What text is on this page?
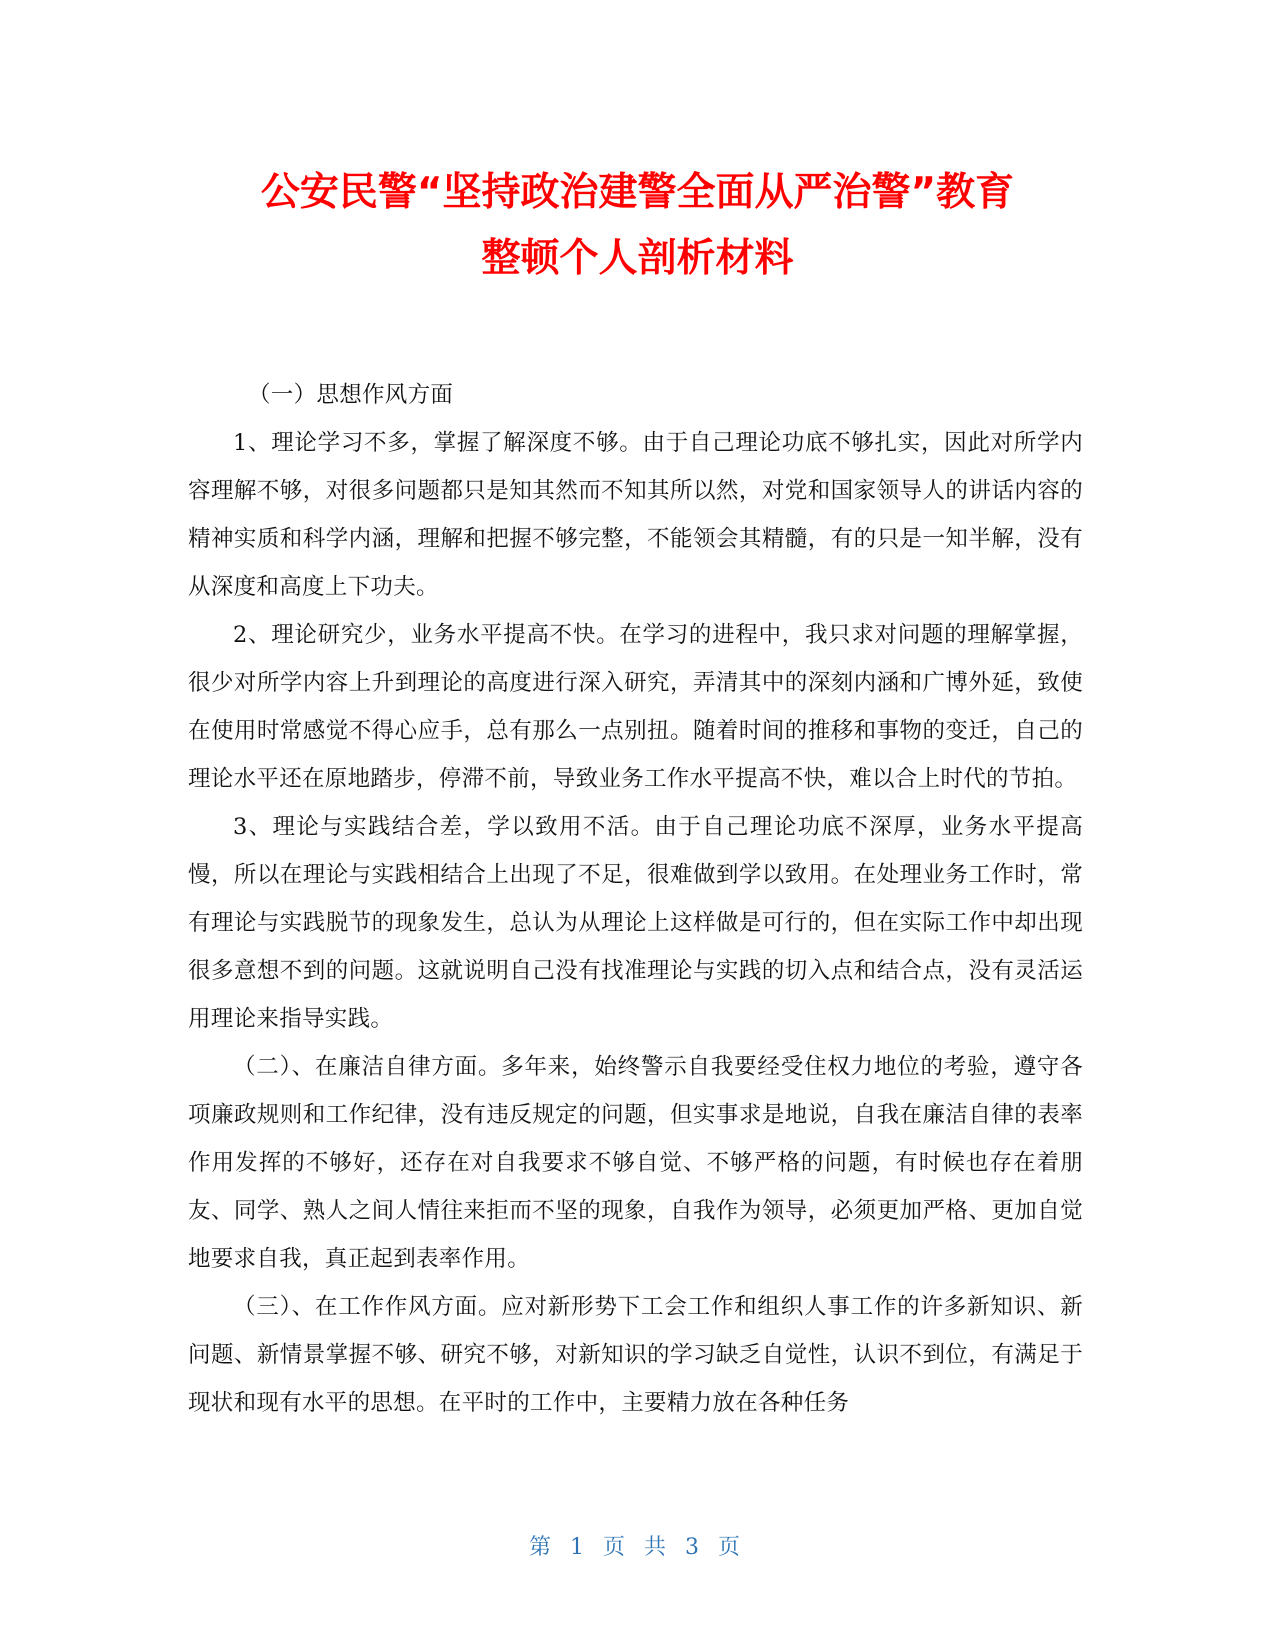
公安民警“坚持政治建警全面从严治警”教育
整顿个人剖析材料

（一）思想作风方面

1、理论学习不多，掌握了解深度不够。由于自己理论功底不够扎实，因此对所学内容理解不够，对很多问题都只是知其然而不知其所以然，对党和国家领导人的讲话内容的精神实质和科学内涵，理解和把握不够完整，不能领会其精髓，有的只是一知半解，没有从深度和高度上下功夫。

2、理论研究少，业务水平提高不快。在学习的进程中，我只求对问题的理解掌握，很少对所学内容上升到理论的高度进行深入研究，弄清其中的深刻内涵和广博外延，致使在使用时常感觉不得心应手，总有那么一点别扭。随着时间的推移和事物的变迁，自己的理论水平还在原地踏步，停滞不前，导致业务工作水平提高不快，难以合上时代的节拍。

3、理论与实践结合差，学以致用不活。由于自己理论功底不深厚，业务水平提高慢，所以在理论与实践相结合上出现了不足，很难做到学以致用。在处理业务工作时，常有理论与实践脱节的现象发生，总认为从理论上这样做是可行的，但在实际工作中却出现很多意想不到的问题。这就说明自己没有找准理论与实践的切入点和结合点，没有灵活运用理论来指导实践。

（二）、在廉洁自律方面。多年来，始终警示自我要经受住权力地位的考验，遵守各项廉政规则和工作纪律，没有违反规定的问题，但实事求是地说，自我在廉洁自律的表率作用发挥的不够好，还存在对自我要求不够自觉、不够严格的问题，有时候也存在着朋友、同学、熟人之间人情往来拒而不坚的现象，自我作为领导，必须更加严格、更加自觉地要求自我，真正起到表率作用。

（三）、在工作作风方面。应对新形势下工会工作和组织人事工作的许多新知识、新问题、新情景掌握不够、研究不够，对新知识的学习缺乏自觉性，认识不到位，有满足于现状和现有水平的思想。在平时的工作中，主要精力放在各种任务

第 1 页 共 3 页
